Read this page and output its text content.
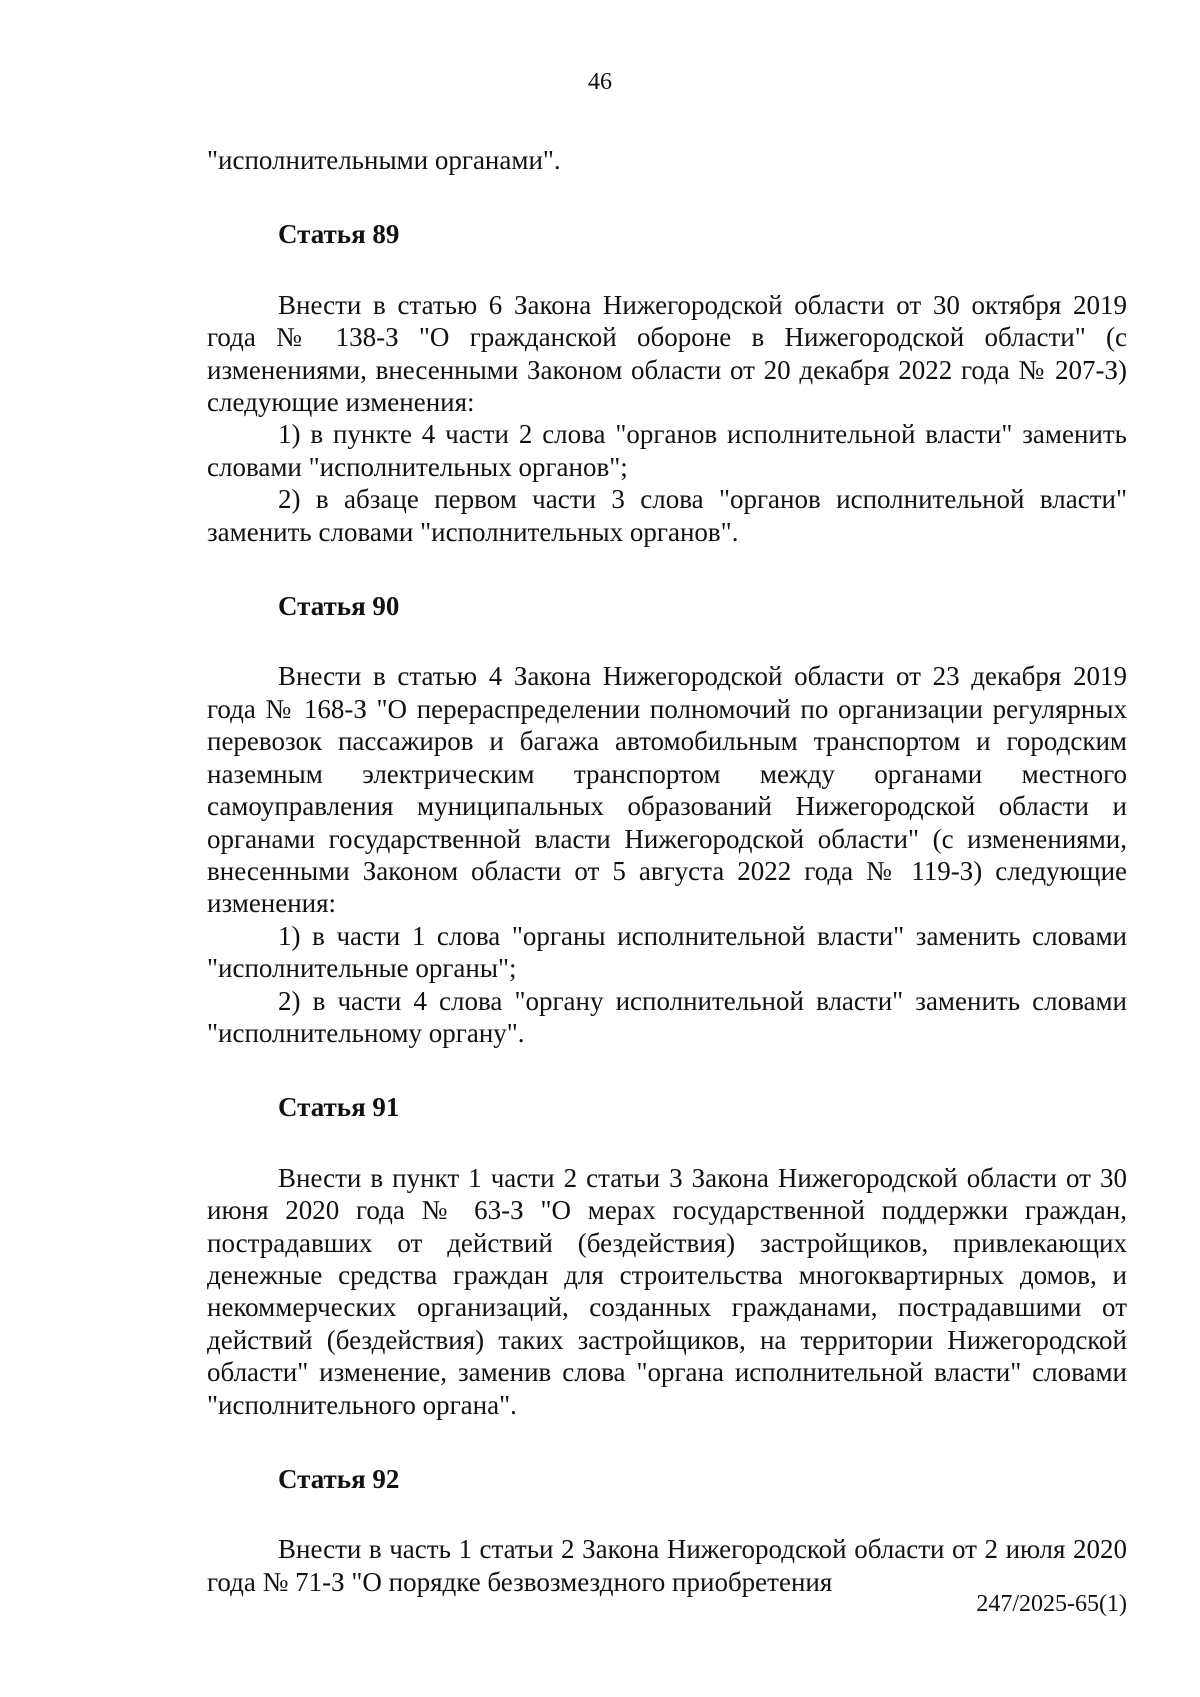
46

"исполнительными органами".

Статья 89

Внести в статью 6 Закона Нижегородской области от 30 октября 2019 года № 138-З "О гражданской обороне в Нижегородской области" (с изменениями, внесенными Законом области от 20 декабря 2022 года № 207-З) следующие изменения:

1) в пункте 4 части 2 слова "органов исполнительной власти" заменить словами "исполнительных органов";

2) в абзаце первом части 3 слова "органов исполнительной власти" заменить словами "исполнительных органов".

Статья 90

Внести в статью 4 Закона Нижегородской области от 23 декабря 2019 года № 168-З "О перераспределении полномочий по организации регулярных перевозок пассажиров и багажа автомобильным транспортом и городским наземным электрическим транспортом между органами местного самоуправления муниципальных образований Нижегородской области и органами государственной власти Нижегородской области" (с изменениями, внесенными Законом области от 5 августа 2022 года № 119-З) следующие изменения:

1) в части 1 слова "органы исполнительной власти" заменить словами "исполнительные органы";

2) в части 4 слова "органу исполнительной власти" заменить словами "исполнительному органу".

Статья 91

Внести в пункт 1 части 2 статьи 3 Закона Нижегородской области от 30 июня 2020 года № 63-З "О мерах государственной поддержки граждан, пострадавших от действий (бездействия) застройщиков, привлекающих денежные средства граждан для строительства многоквартирных домов, и некоммерческих организаций, созданных гражданами, пострадавшими от действий (бездействия) таких застройщиков, на территории Нижегородской области" изменение, заменив слова "органа исполнительной власти" словами "исполнительного органа".

Статья 92

Внести в часть 1 статьи 2 Закона Нижегородской области от 2 июля 2020 года № 71-З "О порядке безвозмездного приобретения

247/2025-65(1)
